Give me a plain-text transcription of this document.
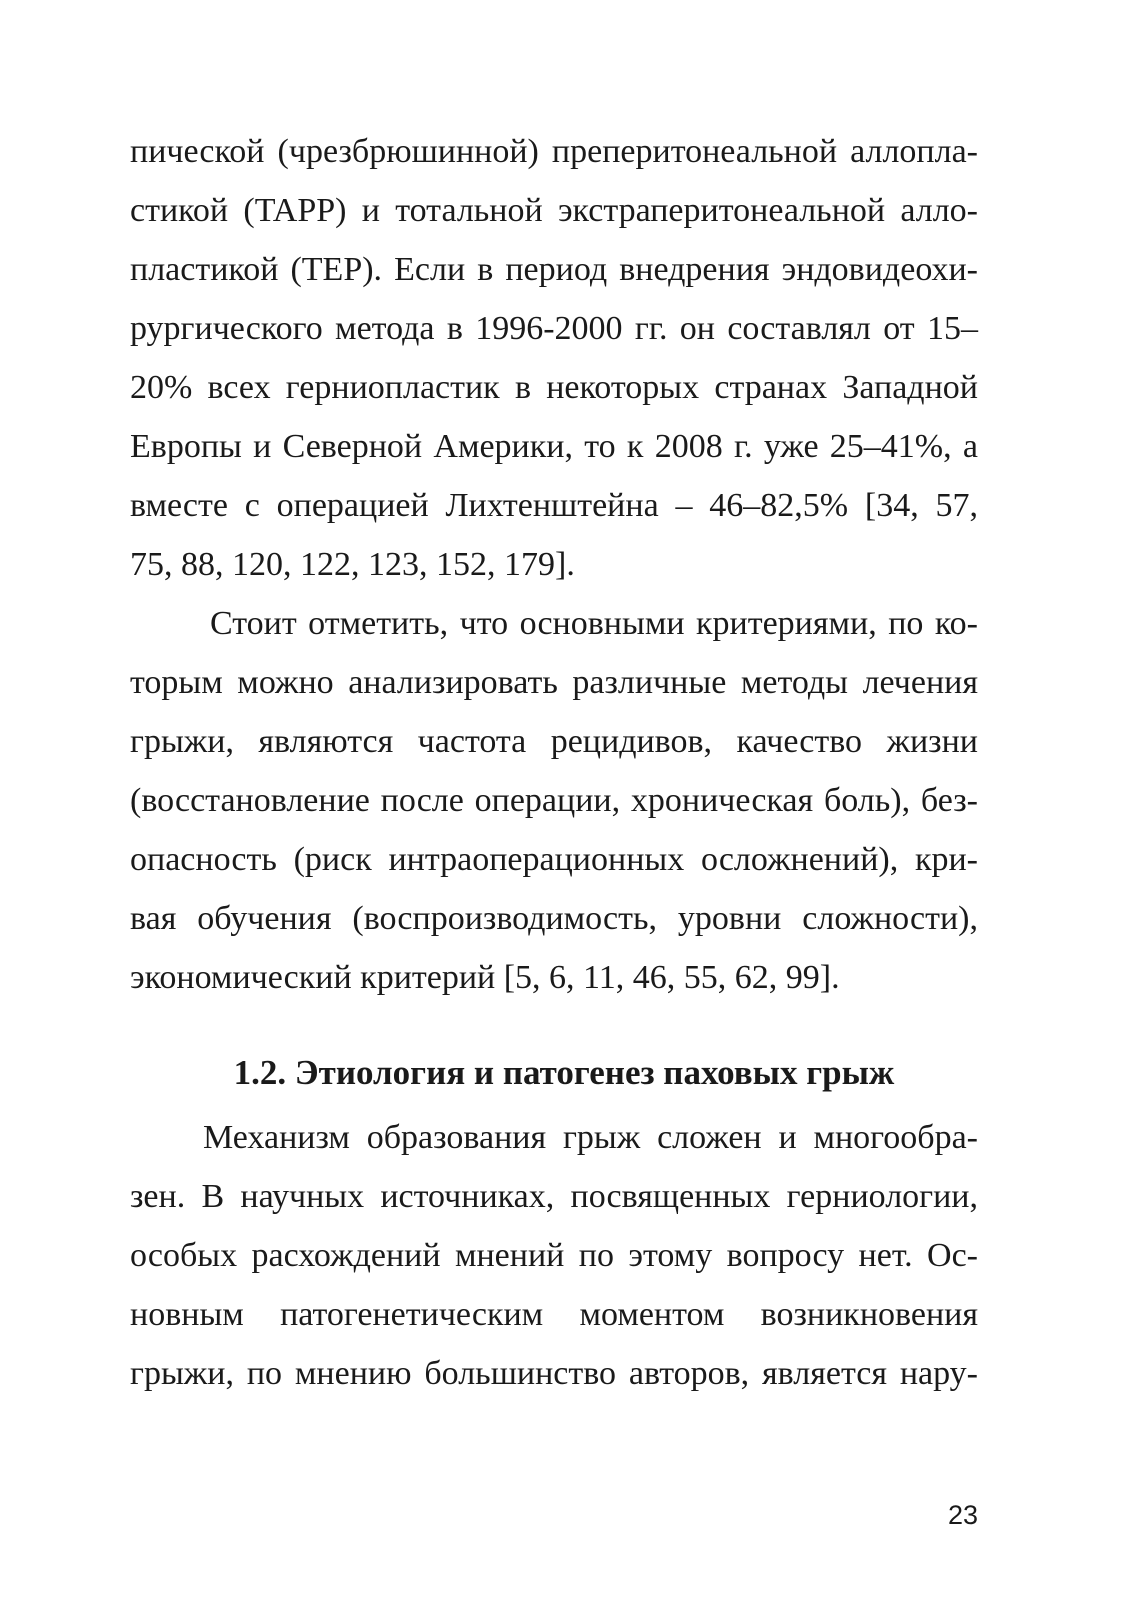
пической (чрезбрюшинной) преперитонеальной аллопла-
стикой (TAPP) и тотальной экстраперитонеальной алло-
пластикой (TEP). Если в период внедрения эндовидеохи-
рургического метода в 1996-2000 гг. он составлял от 15–
20% всех герниопластик в некоторых странах Западной
Европы и Северной Америки, то к 2008 г. уже 25–41%, а
вместе с операцией Лихтенштейна – 46–82,5% [34, 57,
75, 88, 120, 122, 123, 152, 179].
Стоит отметить, что основными критериями, по ко-
торым можно анализировать различные методы лечения
грыжи, являются частота рецидивов, качество жизни
(восстановление после операции, хроническая боль), без-
опасность (риск интраоперационных осложнений), кри-
вая обучения (воспроизводимость, уровни сложности),
экономический критерий [5, 6, 11, 46, 55, 62, 99].
1.2. Этиология и патогенез паховых грыж
Механизм образования грыж сложен и многообра-
зен. В научных источниках, посвященных герниологии,
особых расхождений мнений по этому вопросу нет. Ос-
новным патогенетическим моментом возникновения
грыжи, по мнению большинство авторов, является нару-
23
